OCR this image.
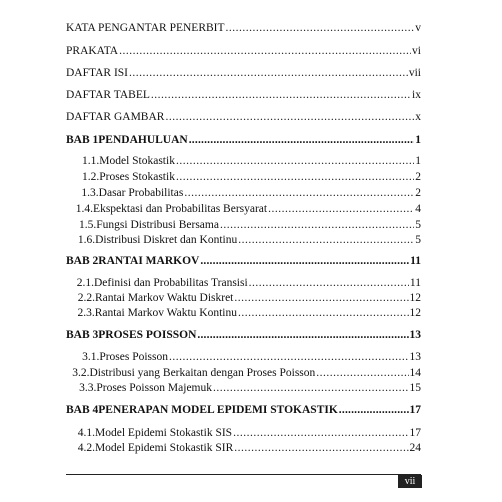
KATA PENGANTAR PENERBIT .....	v
PRAKATA .....	vi
DAFTAR ISI .....	vii
DAFTAR TABEL .....	ix
DAFTAR GAMBAR .....	x
BAB 1 PENDAHULUAN .....	1
1.1. Model Stokastik .....	1
1.2. Proses Stokastik .....	2
1.3. Dasar Probabilitas .....	2
1.4. Ekspektasi dan Probabilitas Bersyarat .....	4
1.5. Fungsi Distribusi Bersama .....	5
1.6. Distribusi Diskret dan Kontinu .....	5
BAB 2 RANTAI MARKOV .....	11
2.1. Definisi dan Probabilitas Transisi .....	11
2.2. Rantai Markov Waktu Diskret .....	12
2.3. Rantai Markov Waktu Kontinu .....	12
BAB 3 PROSES POISSON .....	13
3.1. Proses Poisson .....	13
3.2. Distribusi yang Berkaitan dengan Proses Poisson .....	14
3.3. Proses Poisson Majemuk .....	15
BAB 4 PENERAPAN MODEL EPIDEMI STOKASTIK .....	17
4.1. Model Epidemi Stokastik SIS .....	17
4.2. Model Epidemi Stokastik SIR .....	24
vii
